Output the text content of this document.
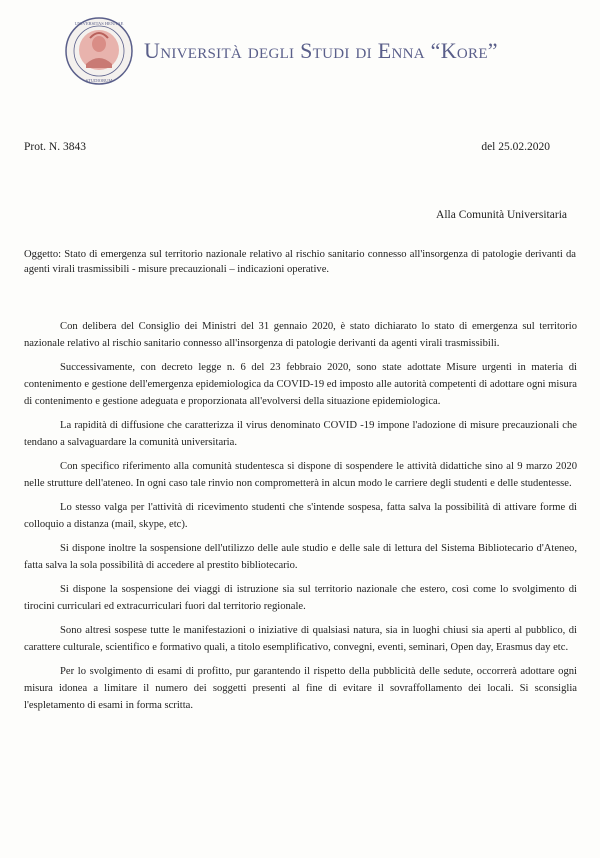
UNIVERSITAS HENNAE
STUDIORUM
Università degli Studi di Enna “Kore”
Prot. N. 3843	del 25.02.2020
Alla Comunità Universitaria
Oggetto: Stato di emergenza sul territorio nazionale relativo al rischio sanitario connesso all'insorgenza di patologie derivanti da agenti virali trasmissibili - misure precauzionali – indicazioni operative.

Con delibera del Consiglio dei Ministri del 31 gennaio 2020, è stato dichiarato lo stato di emergenza sul territorio nazionale relativo al rischio sanitario connesso all'insorgenza di patologie derivanti da agenti virali trasmissibili.

Successivamente, con decreto legge n. 6 del 23 febbraio 2020, sono state adottate Misure urgenti in materia di contenimento e gestione dell'emergenza epidemiologica da COVID-19 ed imposto alle autorità competenti di adottare ogni misura di contenimento e gestione adeguata e proporzionata all'evolversi della situazione epidemiologica.

La rapidità di diffusione che caratterizza il virus denominato COVID -19 impone l'adozione di misure precauzionali che tendano a salvaguardare la comunità universitaria.

Con specifico riferimento alla comunità studentesca si dispone di sospendere le attività didattiche sino al 9 marzo 2020 nelle strutture dell'ateneo. In ogni caso tale rinvio non comprometterà in alcun modo le carriere degli studenti e delle studentesse.

Lo stesso valga per l'attività di ricevimento studenti che s'intende sospesa, fatta salva la possibilità di attivare forme di colloquio a distanza (mail, skype, etc).

Si dispone inoltre la sospensione dell'utilizzo delle aule studio e delle sale di lettura del Sistema Bibliotecario d'Ateneo, fatta salva la sola possibilità di accedere al prestito bibliotecario.

Si dispone la sospensione dei viaggi di istruzione sia sul territorio nazionale che estero, così come lo svolgimento di tirocini curriculari ed extracurriculari fuori dal territorio regionale.

Sono altresì sospese tutte le manifestazioni o iniziative di qualsiasi natura, sia in luoghi chiusi sia aperti al pubblico, di carattere culturale, scientifico e formativo quali, a titolo esemplificativo, convegni, eventi, seminari, Open day, Erasmus day etc.

Per lo svolgimento di esami di profitto, pur garantendo il rispetto della pubblicità delle sedute, occorrerà adottare ogni misura idonea a limitare il numero dei soggetti presenti al fine di evitare il sovraffollamento dei locali. Si sconsiglia l'espletamento di esami in forma scritta.
